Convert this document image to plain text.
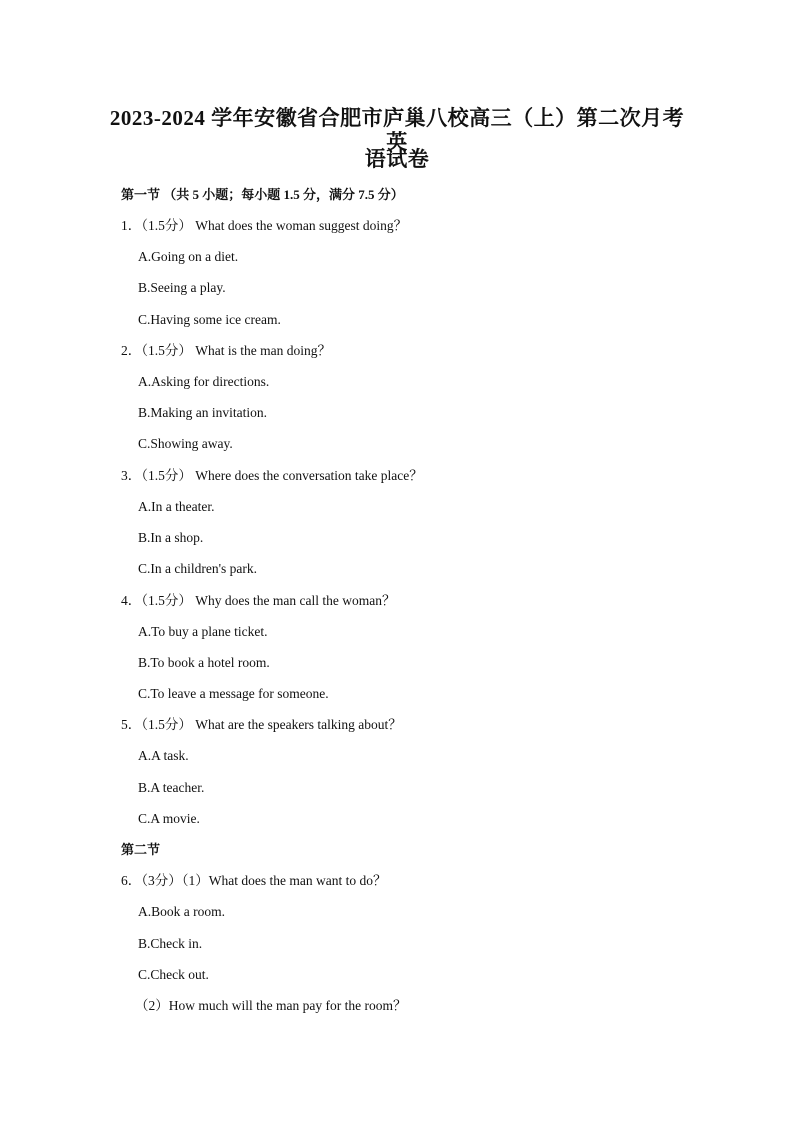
2023-2024 学年安徽省合肥市庐巢八校高三（上）第二次月考英
语试卷
第一节 （共 5 小题；每小题 1.5 分，满分 7.5 分）
1．（1.5分） What does the woman suggest doing？
A.Going on a diet.
B.Seeing a play.
C.Having some ice cream.
2．（1.5分） What is the man doing？
A.Asking for directions.
B.Making an invitation.
C.Showing away.
3．（1.5分） Where does the conversation take place？
A.In a theater.
B.In a shop.
C.In a children's park.
4．（1.5分） Why does the man call the woman？
A.To buy a plane ticket.
B.To book a hotel room.
C.To leave a message for someone.
5．（1.5分） What are the speakers talking about？
A.A task.
B.A teacher.
C.A movie.
第二节
6．（3分）（1）What does the man want to do？
A.Book a room.
B.Check in.
C.Check out.
（2）How much will the man pay for the room？
